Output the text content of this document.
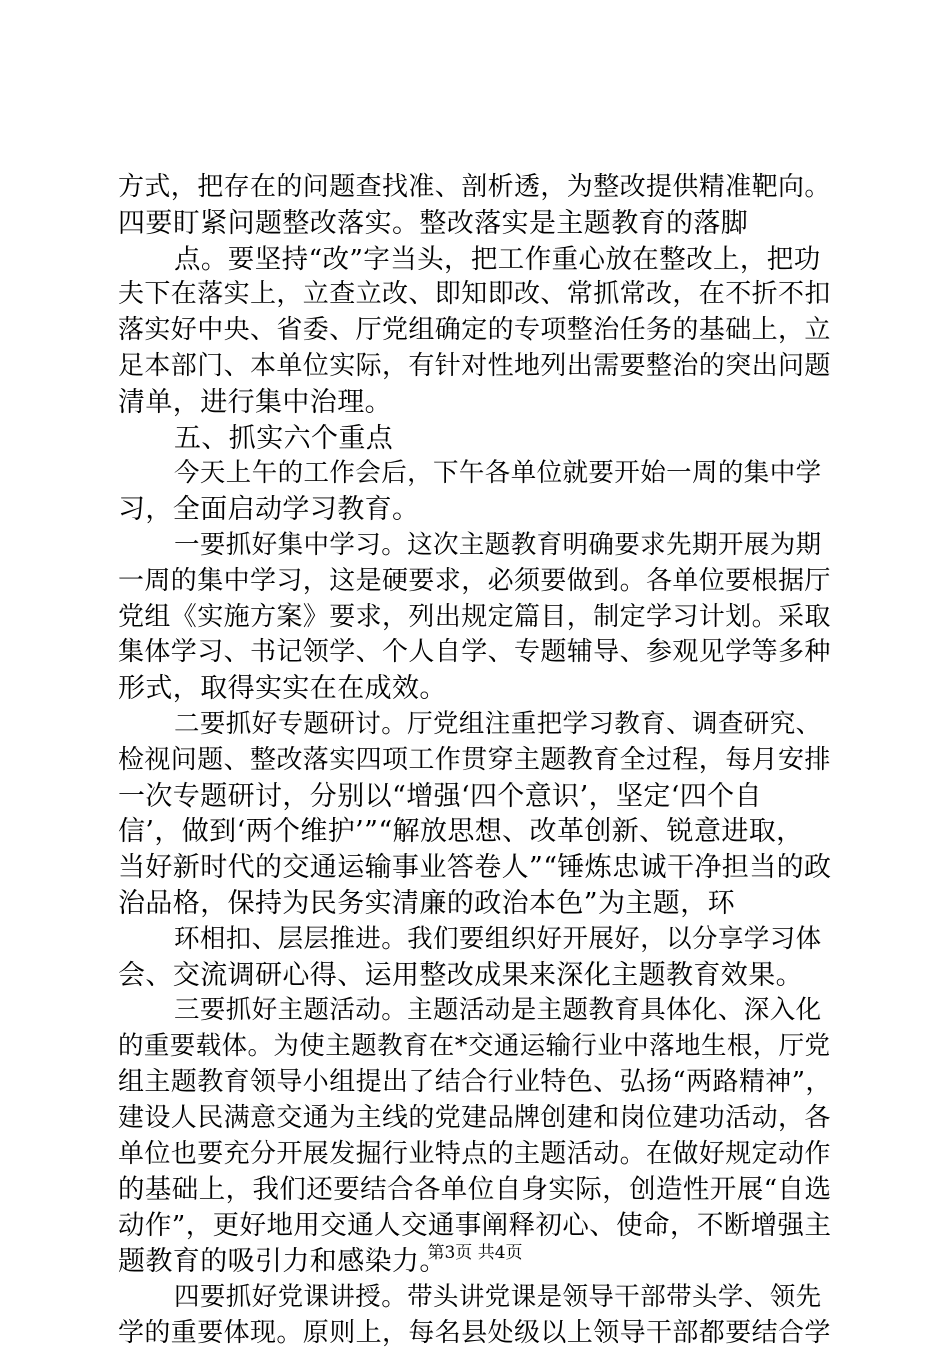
方式，把存在的问题查找准、剖析透，为整改提供精准靶向。
四要盯紧问题整改落实。整改落实是主题教育的落脚
点。要坚持“改”字当头，把工作重心放在整改上，把功
夫下在落实上，立查立改、即知即改、常抓常改，在不折不扣
落实好中央、省委、厅党组确定的专项整治任务的基础上，立
足本部门、本单位实际，有针对性地列出需要整治的突出问题
清单，进行集中治理。
五、抓实六个重点
今天上午的工作会后，下午各单位就要开始一周的集中学
习，全面启动学习教育。
一要抓好集中学习。这次主题教育明确要求先期开展为期
一周的集中学习，这是硬要求，必须要做到。各单位要根据厅
党组《实施方案》要求，列出规定篇目，制定学习计划。采取
集体学习、书记领学、个人自学、专题辅导、参观见学等多种
形式，取得实实在在成效。
二要抓好专题研讨。厅党组注重把学习教育、调查研究、
检视问题、整改落实四项工作贯穿主题教育全过程，每月安排
一次专题研讨，分别以“增强‘四个意识’，坚定‘四个自
信’，做到‘两个维护’”“解放思想、改革创新、锐意进取，
当好新时代的交通运输事业答卷人”“锤炼忠诚干净担当的政
治品格，保持为民务实清廉的政治本色”为主题，环
环相扣、层层推进。我们要组织好开展好，以分享学习体
会、交流调研心得、运用整改成果来深化主题教育效果。
三要抓好主题活动。主题活动是主题教育具体化、深入化
的重要载体。为使主题教育在*交通运输行业中落地生根，厅党
组主题教育领导小组提出了结合行业特色、弘扬“两路精神”，
建设人民满意交通为主线的党建品牌创建和岗位建功活动，各
单位也要充分开展发掘行业特点的主题活动。在做好规定动作
的基础上，我们还要结合各单位自身实际，创造性开展“自选
动作”，更好地用交通人交通事阐释初心、使命，不断增强主
题教育的吸引力和感染力。
四要抓好党课讲授。带头讲党课是领导干部带头学、领先
学的重要体现。原则上，每名县处级以上领导干部都要结合学
第3页 共4页
